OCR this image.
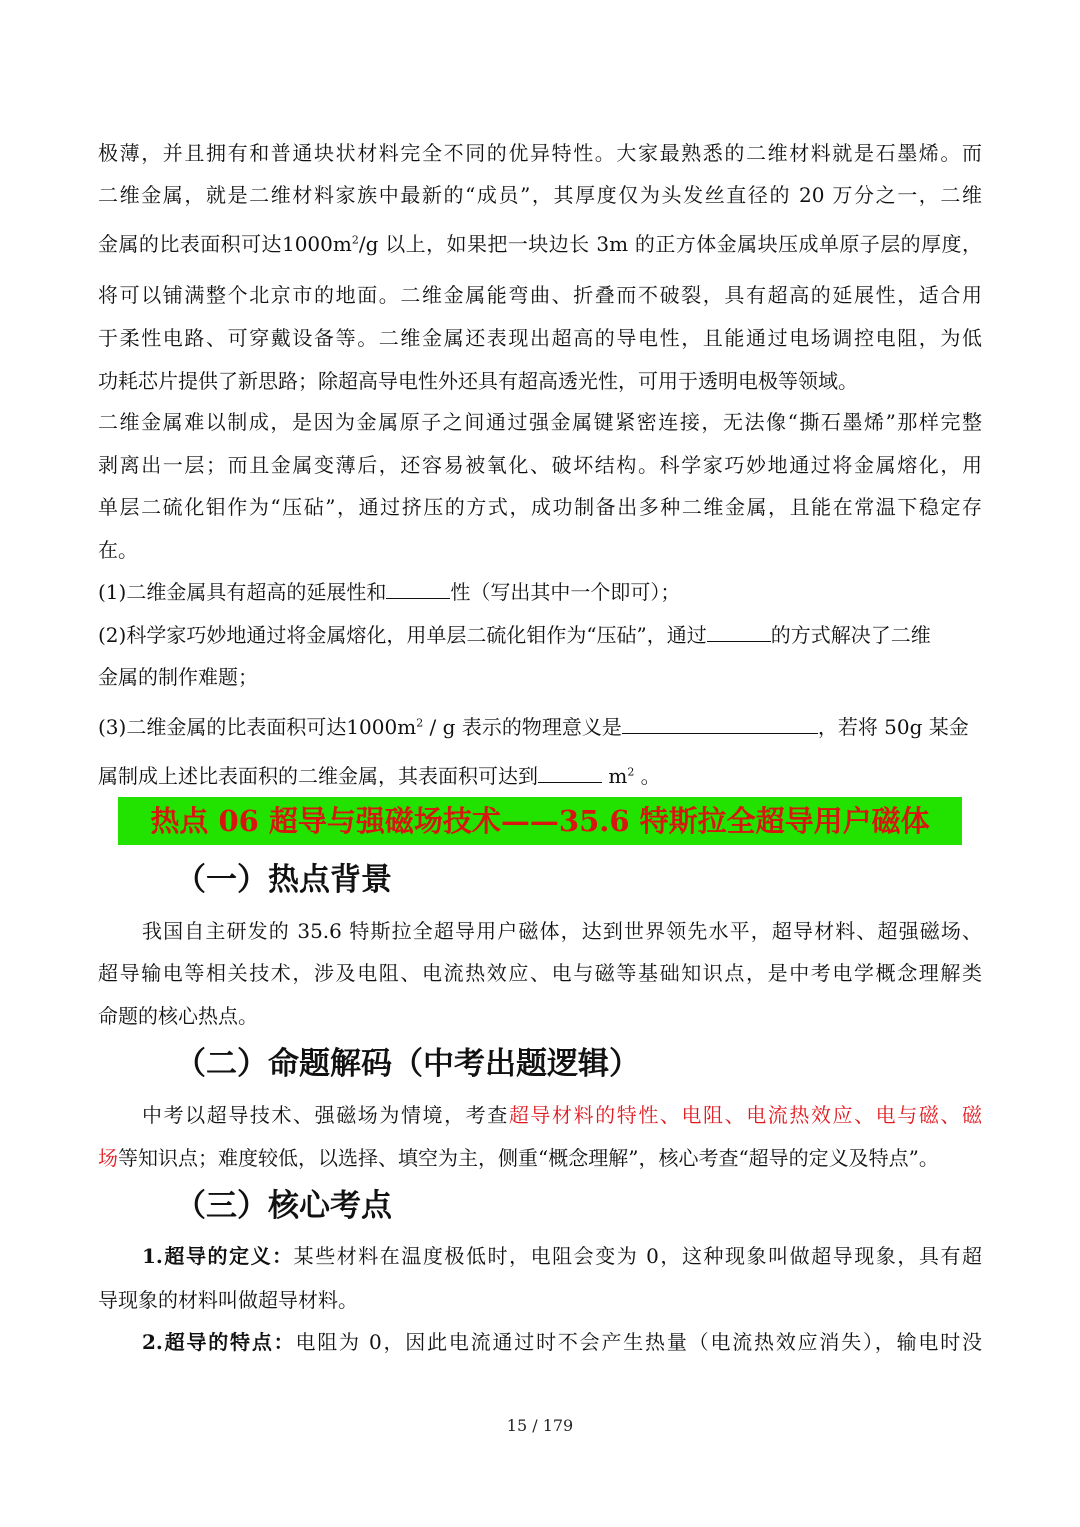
极薄，并且拥有和普通块状材料完全不同的优异特性。大家最熟悉的二维材料就是石墨烯。而
二维金属，就是二维材料家族中最新的“成员”，其厚度仅为头发丝直径的 20 万分之一，二维
金属的比表面积可达$1000m^2/g$ 以上，如果把一块边长 3m 的正方体金属块压成单原子层的厚度，
将可以铺满整个北京市的地面。二维金属能弯曲、折叠而不破裂，具有超高的延展性，适合用
于柔性电路、可穿戴设备等。二维金属还表现出超高的导电性，且能通过电场调控电阻，为低
功耗芯片提供了新思路；除超高导电性外还具有超高透光性，可用于透明电极等领域。
二维金属难以制成，是因为金属原子之间通过强金属键紧密连接，无法像“撕石墨烯”那样完整
剥离出一层；而且金属变薄后，还容易被氧化、破坏结构。科学家巧妙地通过将金属熔化，用
单层二硫化钼作为“压砧”，通过挤压的方式，成功制备出多种二维金属，且能在常温下稳定存
在。
(1)二维金属具有超高的延展性和	性（写出其中一个即可）；
(2)科学家巧妙地通过将金属熔化，用单层二硫化钼作为“压砧”，通过	的方式解决了二维
金属的制作难题；
(3)二维金属的比表面积可达$1000m^2$ / g 表示的物理意义是	，若将 50g 某金
属制成上述比表面积的二维金属，其表面积可达到	$m^2$ 。
热点 06 超导与强磁场技术——35.6 特斯拉全超导用户磁体
（一）热点背景
我国自主研发的 35.6 特斯拉全超导用户磁体，达到世界领先水平，超导材料、超强磁场、
超导输电等相关技术，涉及电阻、电流热效应、电与磁等基础知识点，是中考电学概念理解类
命题的核心热点。
（二）命题解码（中考出题逻辑）
中考以超导技术、强磁场为情境，考查超导材料的特性、电阻、电流热效应、电与磁、磁
场等知识点；难度较低，以选择、填空为主，侧重“概念理解”，核心考查“超导的定义及特点”。
（三）核心考点
1.超导的定义：某些材料在温度极低时，电阻会变为 0，这种现象叫做超导现象，具有超
导现象的材料叫做超导材料。
2.超导的特点：电阻为 0，因此电流通过时不会产生热量（电流热效应消失），输电时没
15 / 179
